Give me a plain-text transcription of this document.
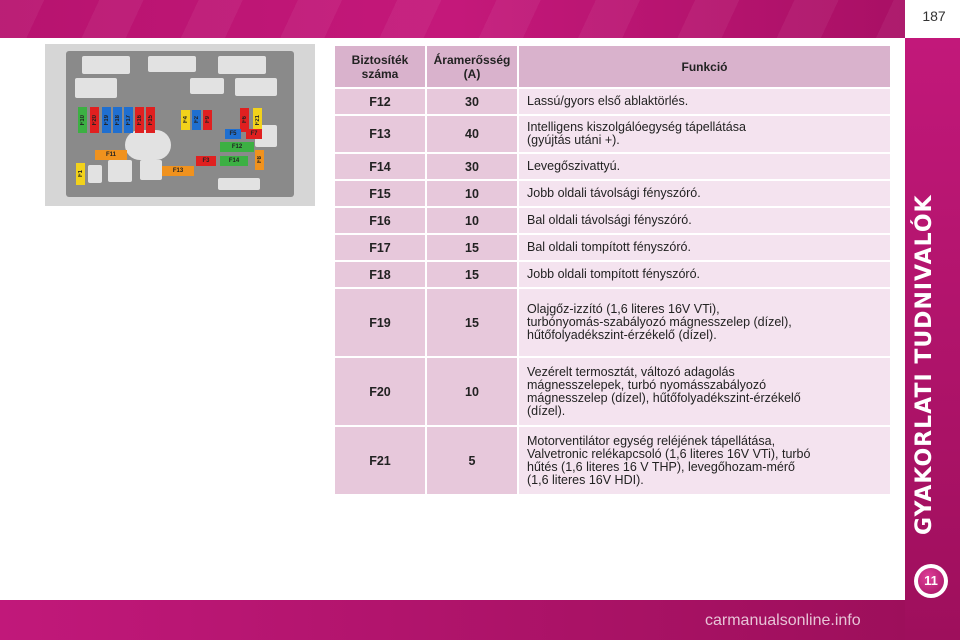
187
GYAKORLATI TUDNIVALÓK
11
carmanualsonline.info
F10 F20 F19 F18 F17 F16 F15	F4 F2 F9	F6 F21
F5 F7
F12
F11
F3	F14	F8
F1	F13
Biztosíték száma	Áramerősség (A)	Funkció
F12	30	Lassú/gyors első ablaktörlés.
F13	40	Intelligens kiszolgálóegység tápellátása
(gyújtás utáni +).
F14	30	Levegőszivattyú.
F15	10	Jobb oldali távolsági fényszóró.
F16	10	Bal oldali távolsági fényszóró.
F17	15	Bal oldali tompított fényszóró.
F18	15	Jobb oldali tompított fényszóró.
F19	15	Olajgőz-izzító (1,6 literes 16V VTi),
turbónyomás-szabályozó mágnesszelep (dízel),
hűtőfolyadékszint-érzékelő (dízel).
F20	10	Vezérelt termosztát, változó adagolás
mágnesszelepek, turbó nyomásszabályozó
mágnesszelep (dízel), hűtőfolyadékszint-érzékelő
(dízel).
F21	5	Motorventilátor egység reléjének tápellátása,
Valvetronic relékapcsoló (1,6 literes 16V VTi), turbó
hűtés (1,6 literes 16 V THP), levegőhozam-mérő
(1,6 literes 16V HDI).
